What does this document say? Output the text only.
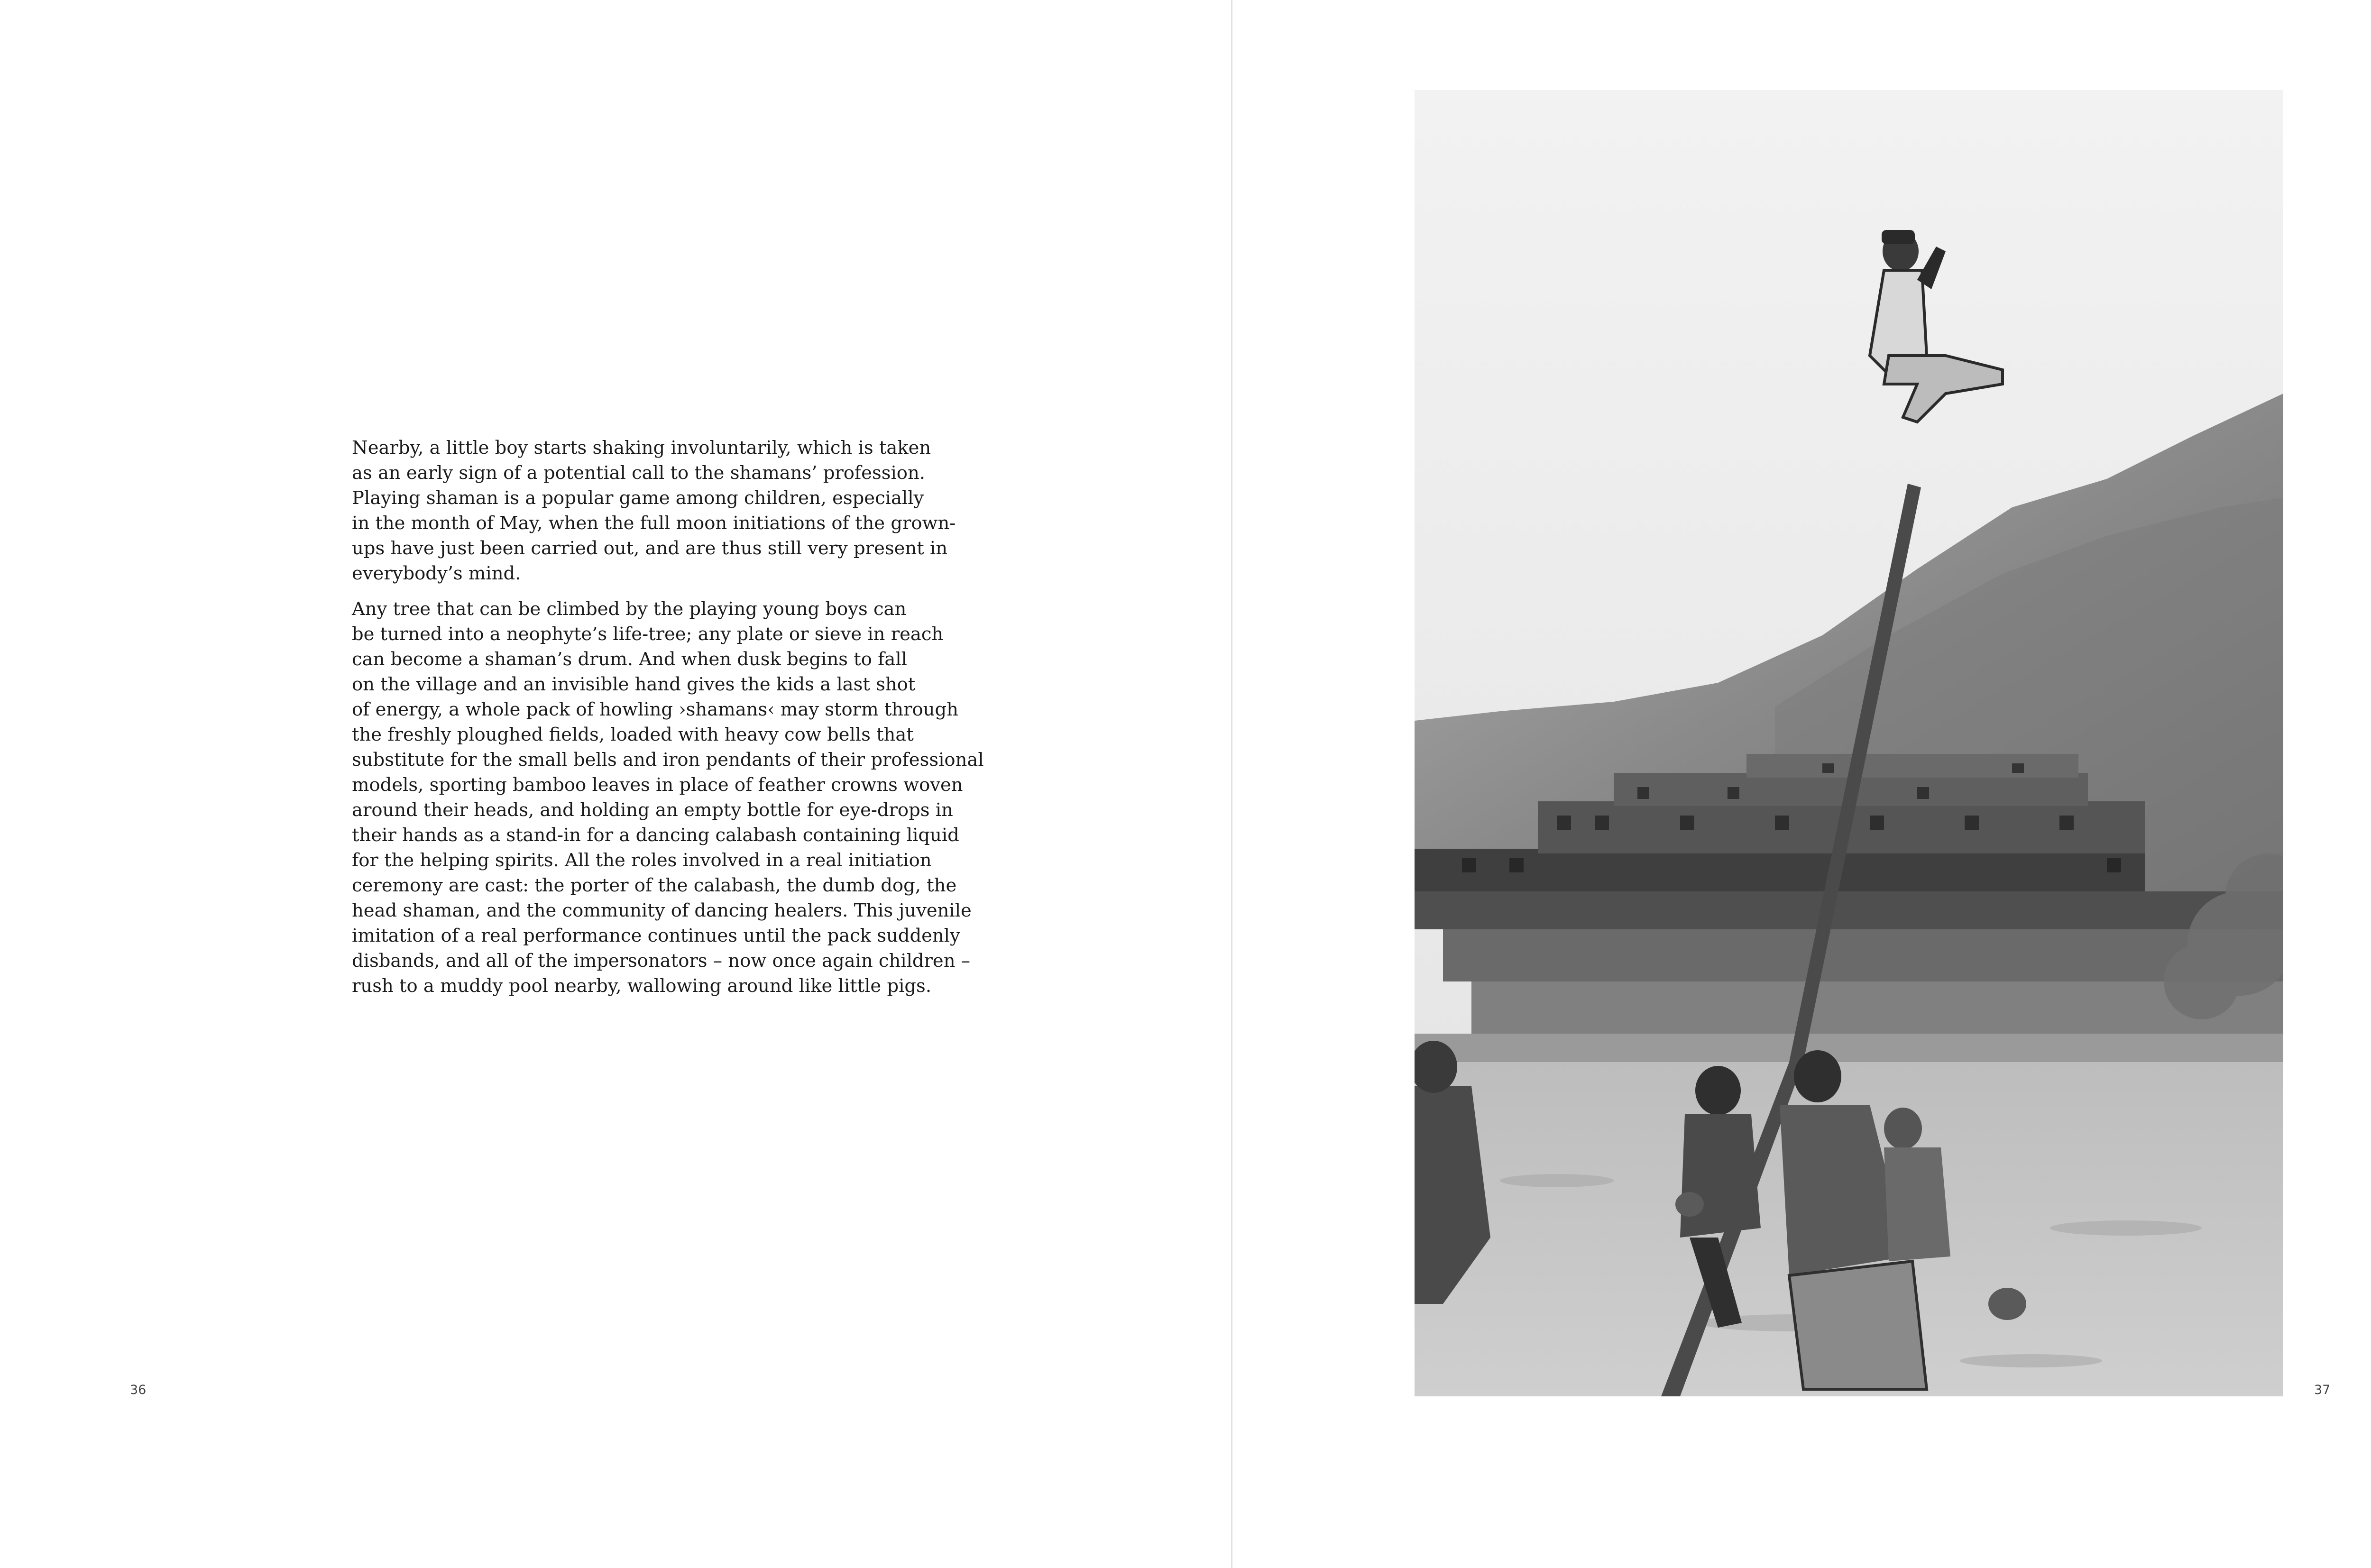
Nearby, a little boy starts shaking involuntarily, which is taken
as an early sign of a potential call to the shamans’ profession.
Playing shaman is a popular game among children, especially
in the month of May, when the full moon initiations of the grown-
ups have just been carried out, and are thus still very present in
everybody’s mind.

Any tree that can be climbed by the playing young boys can
be turned into a neophyte’s life-tree; any plate or sieve in reach
can become a shaman’s drum. And when dusk begins to fall
on the village and an invisible hand gives the kids a last shot
of energy, a whole pack of howling ›shamans‹ may storm through
the freshly ploughed fields, loaded with heavy cow bells that
substitute for the small bells and iron pendants of their professional
models, sporting bamboo leaves in place of feather crowns woven
around their heads, and holding an empty bottle for eye-drops in
their hands as a stand-in for a dancing calabash containing liquid
for the helping spirits. All the roles involved in a real initiation
ceremony are cast: the porter of the calabash, the dumb dog, the
head shaman, and the community of dancing healers. This juvenile
imitation of a real performance continues until the pack suddenly
disbands, and all of the impersonators – now once again children –
rush to a muddy pool nearby, wallowing around like little pigs.

36	37
